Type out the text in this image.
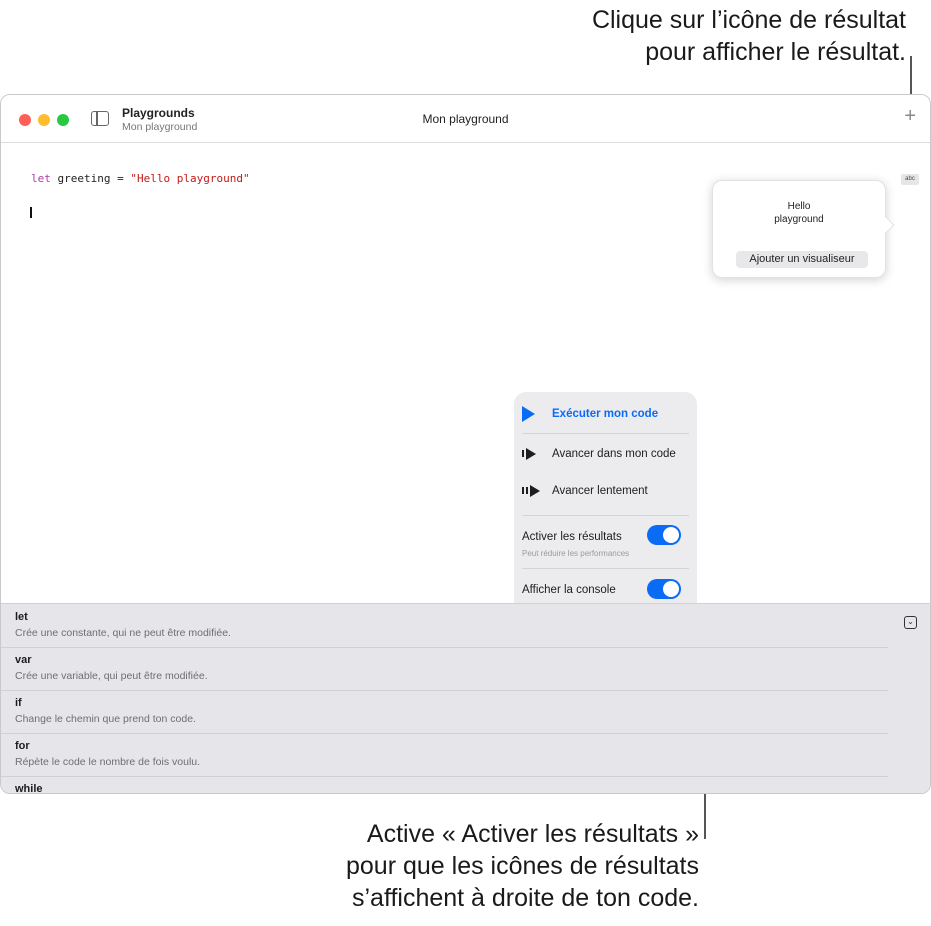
Clique sur l’icône de résultat
pour afficher le résultat.
Active « Activer les résultats »
pour que les icônes de résultats
s’affichent à droite de ton code.
Playgrounds
Mon playground
Mon playground	+
let greeting = "Hello playground"	abc
Hello
playground
Ajouter un visualiseur
Exécuter mon code
Avancer dans mon code
Avancer lentement
Activer les résultats
Peut réduire les performances
Afficher la console
⌄
let
Crée une constante, qui ne peut être modifiée.
var
Crée une variable, qui peut être modifiée.
if
Change le chemin que prend ton code.
for
Répète le code le nombre de fois voulu.
while
